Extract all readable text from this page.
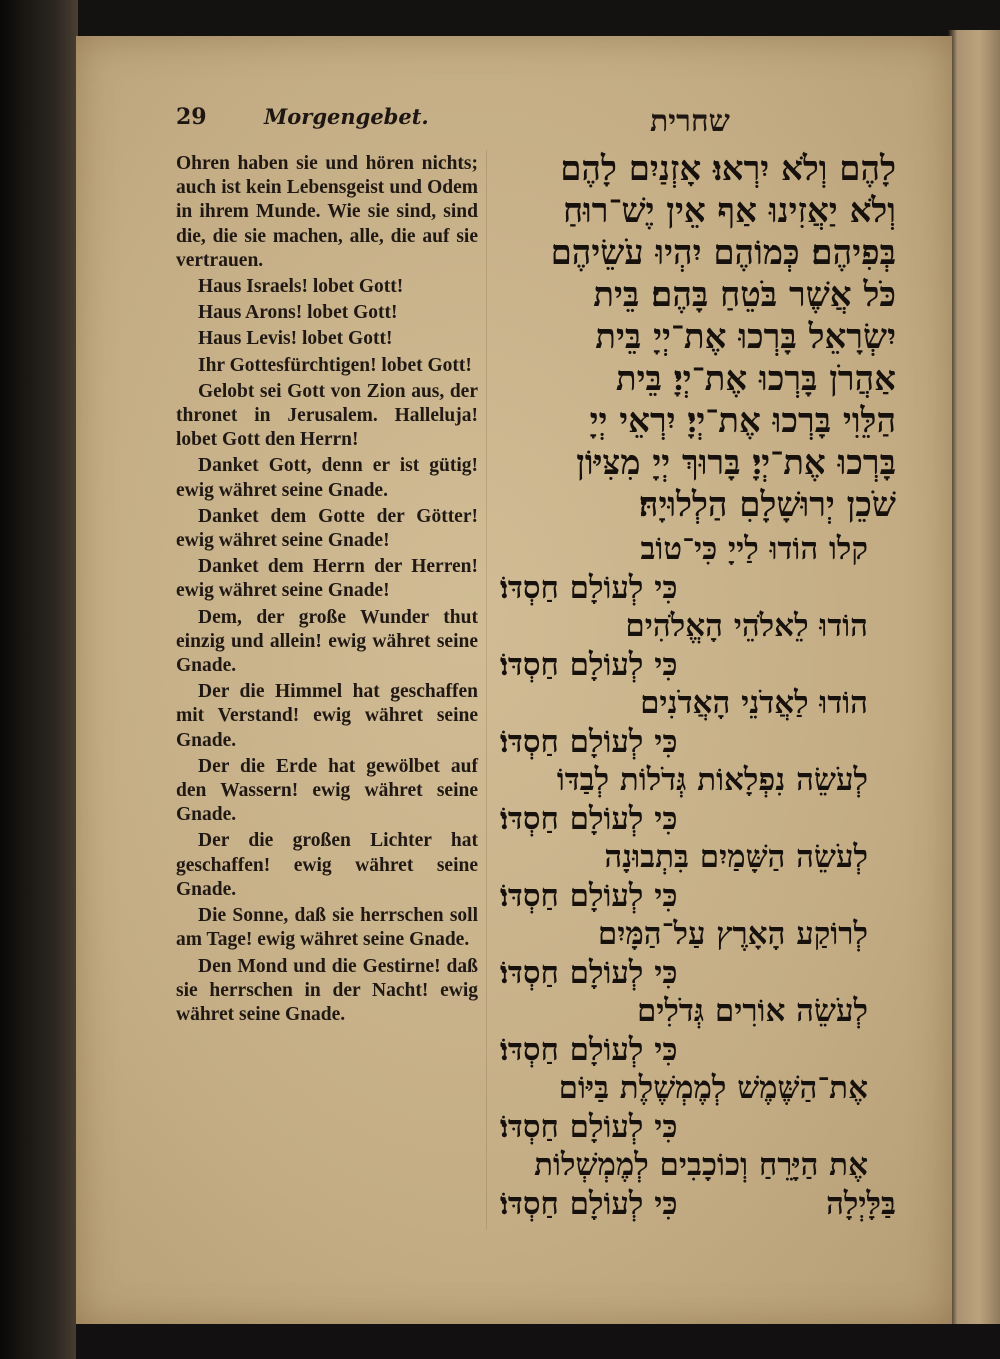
29	Morgengebet.	שחרית

Ohren haben sie und hören nichts; auch ist kein Lebensgeist und Odem in ihrem Munde. Wie sie sind, sind die, die sie machen, alle, die auf sie vertrauen.

Haus Israels! lobet Gott!

Haus Arons! lobet Gott!

Haus Levis! lobet Gott!

Ihr Gottesfürchtigen! lobet Gott!

Gelobt sei Gott von Zion aus, der thronet in Jerusalem. Halleluja! lobet Gott den Herrn!

Danket Gott, denn er ist gütig! ewig währet seine Gnade.

Danket dem Gotte der Götter! ewig währet seine Gnade!

Danket dem Herrn der Herren! ewig währet seine Gnade!

Dem, der große Wunder thut einzig und allein! ewig währet seine Gnade.

Der die Himmel hat geschaffen mit Verstand! ewig währet seine Gnade.

Der die Erde hat gewölbet auf den Wassern! ewig währet seine Gnade.

Der die großen Lichter hat geschaffen! ewig währet seine Gnade.

Die Sonne, daß sie herrschen soll am Tage! ewig währet seine Gnade.

Den Mond und die Gestirne! daß sie herrschen in der Nacht! ewig währet seine Gnade.

לָהֶם וְלֹא יִרְאוּ׃ אָזְנַיִם לָהֶם
וְלֹא יַאֲזִינוּ אַף אֵין יֶשׁ־רוּחַ
בְּפִיהֶם׃ כְּמוֹהֶם יִהְיוּ עֹשֵׂיהֶם
כֹּל אֲשֶׁר בֹּטֵחַ בָּהֶם׃ בֵּית
יִשְׂרָאֵל בָּרְכוּ אֶת־יְיָ בֵּית
אַהֲרֹן בָּרְכוּ אֶת־יְיָ׃ בֵּית
הַלֵּוִי בָּרְכוּ אֶת־יְיָ׃ יִרְאֵי יְיָ
בָּרְכוּ אֶת־יְיָ׃ בָּרוּךְ יְיָ מִצִּיּוֹן
שֹׁכֵן יְרוּשָׁלָםִ הַלְלוּיָהּ׃
קלו הוֹדוּ לַייָ כִּי־טוֹב
כִּי לְעוֹלָם חַסְדּוֹ׃
הוֹדוּ לֵאלֹהֵי הָאֱלֹהִים
כִּי לְעוֹלָם חַסְדּוֹ׃
הוֹדוּ לַאֲדֹנֵי הָאֲדֹנִים
כִּי לְעוֹלָם חַסְדּוֹ׃
לְעֹשֵׂה נִפְלָאוֹת גְּדֹלוֹת לְבַדּוֹ
כִּי לְעוֹלָם חַסְדּוֹ׃
לְעֹשֵׂה הַשָּׁמַיִם בִּתְבוּנָה
כִּי לְעוֹלָם חַסְדּוֹ׃
לְרוֹקַע הָאָרֶץ עַל־הַמָּיִם
כִּי לְעוֹלָם חַסְדּוֹ׃
לְעֹשֵׂה אוֹרִים גְּדֹלִים
כִּי לְעוֹלָם חַסְדּוֹ׃
אֶת־הַשֶּׁמֶשׁ לְמֶמְשֶׁלֶת בַּיּוֹם
כִּי לְעוֹלָם חַסְדּוֹ׃
אֶת הַיָּרֵחַ וְכוֹכָבִים לְמֶמְשְׁלוֹת
בַּלָּיְלָה
כִּי לְעוֹלָם חַסְדּוֹ׃
